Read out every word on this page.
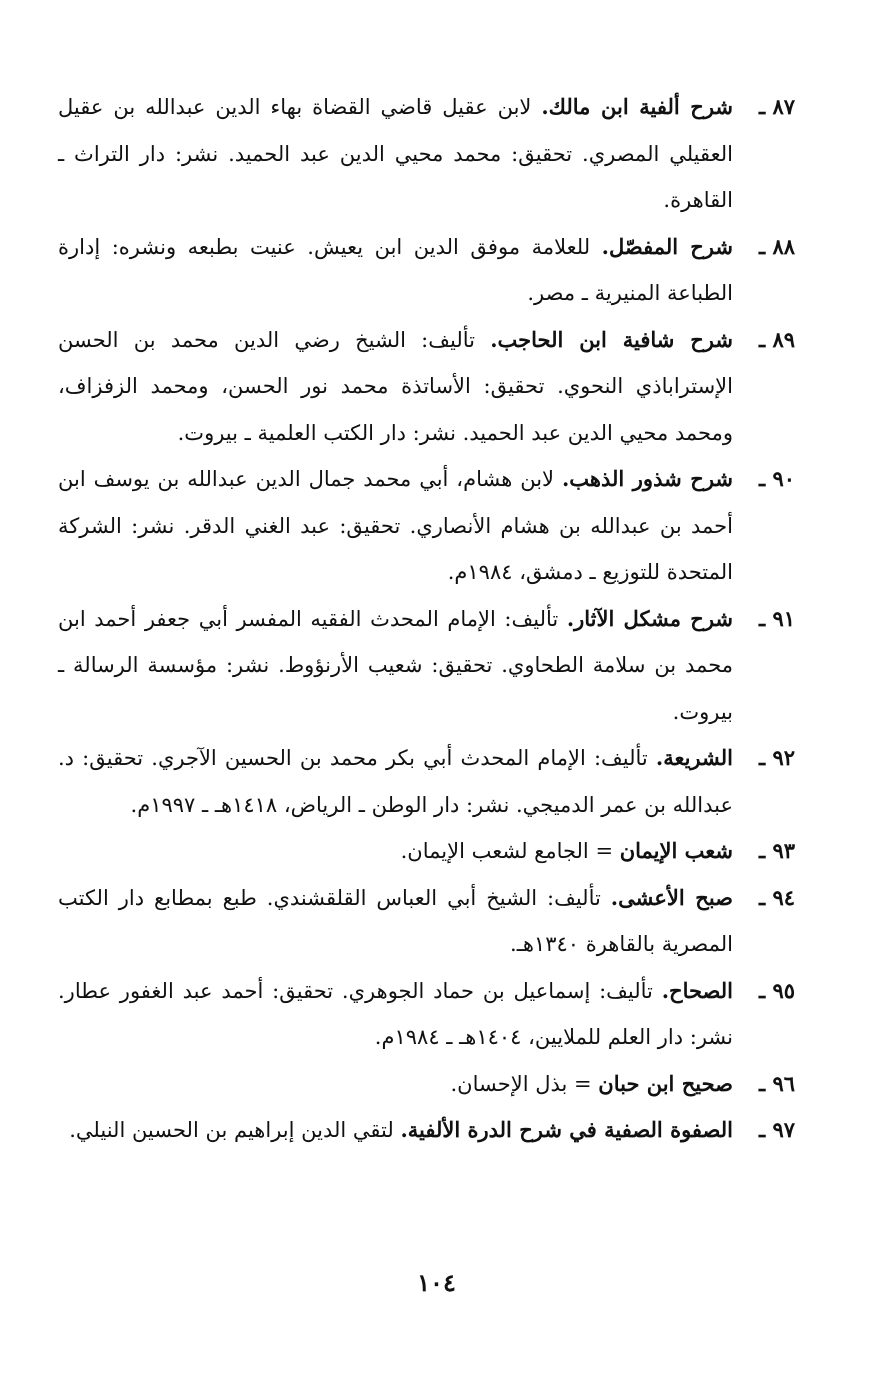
٨٧ ـ
شرح ألفية ابن مالك. لابن عقيل قاضي القضاة بهاء الدين عبدالله بن عقيل العقيلي المصري. تحقيق: محمد محيي الدين عبد الحميد. نشر: دار التراث ـ القاهرة.
٨٨ ـ
شرح المفصّل. للعلامة موفق الدين ابن يعيش. عنيت بطبعه ونشره: إدارة الطباعة المنيرية ـ مصر.
٨٩ ـ
شرح شافية ابن الحاجب. تأليف: الشيخ رضي الدين محمد بن الحسن الإستراباذي النحوي. تحقيق: الأساتذة محمد نور الحسن، ومحمد الزفزاف، ومحمد محيي الدين عبد الحميد. نشر: دار الكتب العلمية ـ بيروت.
٩٠ ـ
شرح شذور الذهب. لابن هشام، أبي محمد جمال الدين عبدالله بن يوسف ابن أحمد بن عبدالله بن هشام الأنصاري. تحقيق: عبد الغني الدقر. نشر: الشركة المتحدة للتوزيع ـ دمشق، ١٩٨٤م.
٩١ ـ
شرح مشكل الآثار. تأليف: الإمام المحدث الفقيه المفسر أبي جعفر أحمد ابن محمد بن سلامة الطحاوي. تحقيق: شعيب الأرنؤوط. نشر: مؤسسة الرسالة ـ بيروت.
٩٢ ـ
الشريعة. تأليف: الإمام المحدث أبي بكر محمد بن الحسين الآجري. تحقيق: د. عبدالله بن عمر الدميجي. نشر: دار الوطن ـ الرياض، ١٤١٨هـ ـ ١٩٩٧م.
٩٣ ـ
شعب الإيمان = الجامع لشعب الإيمان.
٩٤ ـ
صبح الأعشى. تأليف: الشيخ أبي العباس القلقشندي. طبع بمطابع دار الكتب المصرية بالقاهرة ١٣٤٠هـ.
٩٥ ـ
الصحاح. تأليف: إسماعيل بن حماد الجوهري. تحقيق: أحمد عبد الغفور عطار. نشر: دار العلم للملايين، ١٤٠٤هـ ـ ١٩٨٤م.
٩٦ ـ
صحيح ابن حبان = بذل الإحسان.
٩٧ ـ
الصفوة الصفية في شرح الدرة الألفية. لتقي الدين إبراهيم بن الحسين النيلي.
١٠٤
